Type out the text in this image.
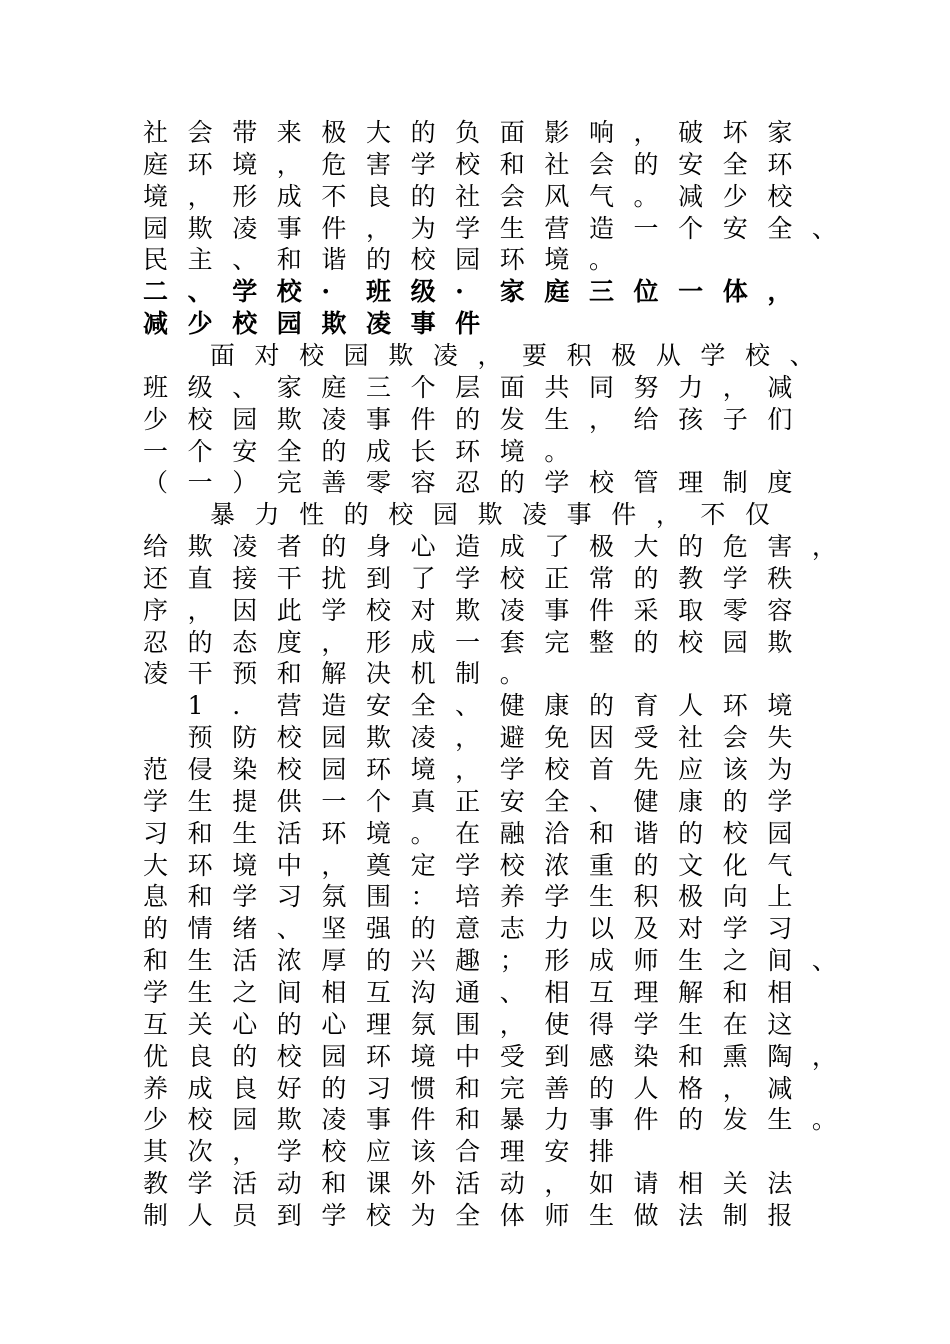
社 会 带 来 极 大 的 负 面 影 响 ， 破 坏 家
庭 环 境 ， 危 害 学 校 和 社 会 的 安 全 环
境 ， 形 成 不 良 的 社 会 风 气 。 减 少 校
园 欺 凌 事 件 ， 为 学 生 营 造 一 个 安 全 、
民 主 、 和 谐 的 校 园 环 境 。
二 、 学 校 · 班 级 · 家 庭 三 位 一 体 ，
减 少 校 园 欺 凌 事 件
面 对 校 园 欺 凌 ， 要 积 极 从 学 校 、
班 级 、 家 庭 三 个 层 面 共 同 努 力 ， 减
少 校 园 欺 凌 事 件 的 发 生 ， 给 孩 子 们
一 个 安 全 的 成 长 环 境 。
（ 一 ） 完 善 零 容 忍 的 学 校 管 理 制 度
暴 力 性 的 校 园 欺 凌 事 件 ， 不 仅
给 欺 凌 者 的 身 心 造 成 了 极 大 的 危 害 ，
还 直 接 干 扰 到 了 学 校 正 常 的 教 学 秩
序 ， 因 此 学 校 对 欺 凌 事 件 采 取 零 容
忍 的 态 度 ， 形 成 一 套 完 整 的 校 园 欺
凌 干 预 和 解 决 机 制 。
1 . 营 造 安 全 、 健 康 的 育 人 环 境
预 防 校 园 欺 凌 ， 避 免 因 受 社 会 失
范 侵 染 校 园 环 境 ， 学 校 首 先 应 该 为
学 生 提 供 一 个 真 正 安 全 、 健 康 的 学
习 和 生 活 环 境 。 在 融 洽 和 谐 的 校 园
大 环 境 中 ， 奠 定 学 校 浓 重 的 文 化 气
息 和 学 习 氛 围 ： 培 养 学 生 积 极 向 上
的 情 绪 、 坚 强 的 意 志 力 以 及 对 学 习
和 生 活 浓 厚 的 兴 趣 ； 形 成 师 生 之 间 、
学 生 之 间 相 互 沟 通 、 相 互 理 解 和 相
互 关 心 的 心 理 氛 围 ， 使 得 学 生 在 这
优 良 的 校 园 环 境 中 受 到 感 染 和 熏 陶 ，
养 成 良 好 的 习 惯 和 完 善 的 人 格 ， 减
少 校 园 欺 凌 事 件 和 暴 力 事 件 的 发 生 。
其 次 ， 学 校 应 该 合 理 安 排
教 学 活 动 和 课 外 活 动 ， 如 请 相 关 法
制 人 员 到 学 校 为 全 体 师 生 做 法 制 报
